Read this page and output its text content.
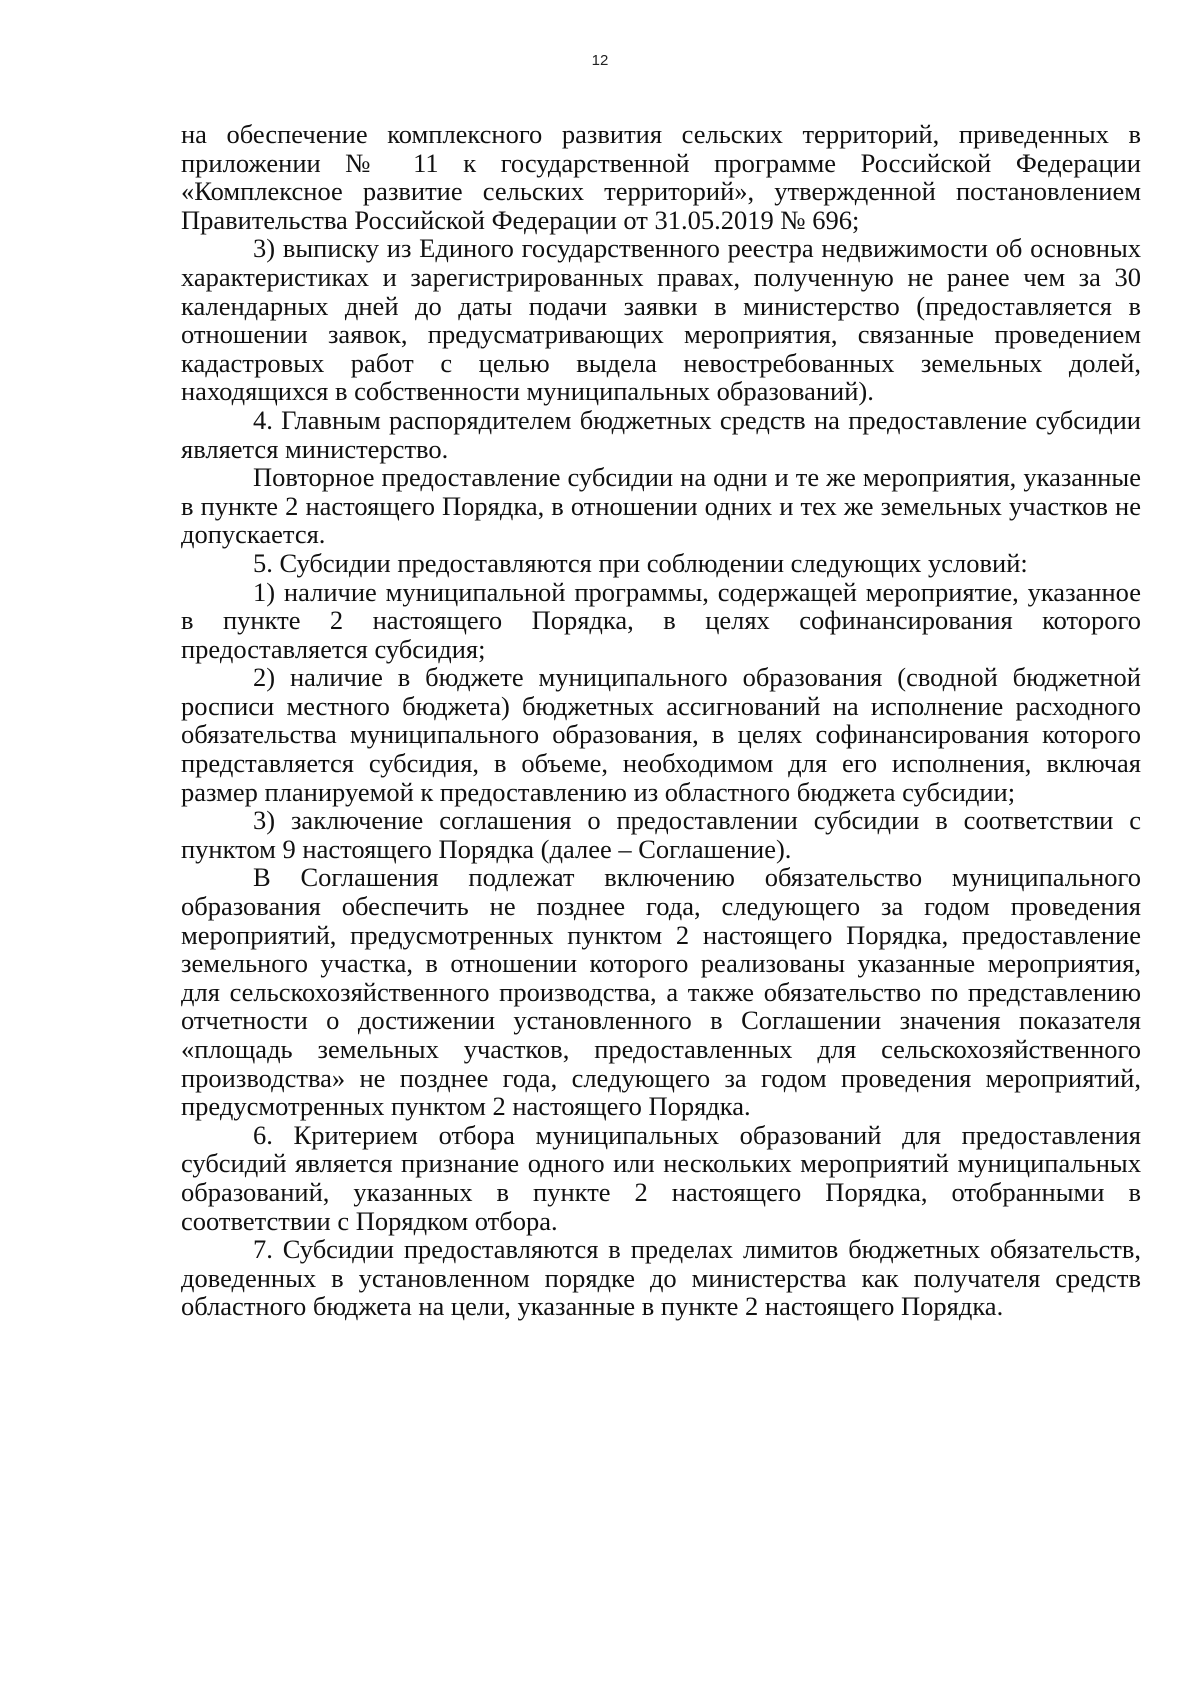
12

на обеспечение комплексного развития сельских территорий, приведенных в приложении № 11 к государственной программе Российской Федерации «Комплексное развитие сельских территорий», утвержденной постановлением Правительства Российской Федерации от 31.05.2019 № 696;

3) выписку из Единого государственного реестра недвижимости об основных характеристиках и зарегистрированных правах, полученную не ранее чем за 30 календарных дней до даты подачи заявки в министерство (предоставляется в отношении заявок, предусматривающих мероприятия, связанные проведением кадастровых работ с целью выдела невостребованных земельных долей, находящихся в собственности муниципальных образований).

4. Главным распорядителем бюджетных средств на предоставление субсидии является министерство.

Повторное предоставление субсидии на одни и те же мероприятия, указанные в пункте 2 настоящего Порядка, в отношении одних и тех же земельных участков не допускается.

5. Субсидии предоставляются при соблюдении следующих условий:

1) наличие муниципальной программы, содержащей мероприятие, указанное в пункте 2 настоящего Порядка, в целях софинансирования которого предоставляется субсидия;

2) наличие в бюджете муниципального образования (сводной бюджетной росписи местного бюджета) бюджетных ассигнований на исполнение расходного обязательства муниципального образования, в целях софинансирования которого представляется субсидия, в объеме, необходимом для его исполнения, включая размер планируемой к предоставлению из областного бюджета субсидии;

3) заключение соглашения о предоставлении субсидии в соответствии с пунктом 9 настоящего Порядка (далее – Соглашение).

В Соглашения подлежат включению обязательство муниципального образования обеспечить не позднее года, следующего за годом проведения мероприятий, предусмотренных пунктом 2 настоящего Порядка, предоставление земельного участка, в отношении которого реализованы указанные мероприятия, для сельскохозяйственного производства, а также обязательство по представлению отчетности о достижении установленного в Соглашении значения показателя «площадь земельных участков, предоставленных для сельскохозяйственного производства» не позднее года, следующего за годом проведения мероприятий, предусмотренных пунктом 2 настоящего Порядка.

6. Критерием отбора муниципальных образований для предоставления субсидий является признание одного или нескольких мероприятий муниципальных образований, указанных в пункте 2 настоящего Порядка, отобранными в соответствии с Порядком отбора.

7. Субсидии предоставляются в пределах лимитов бюджетных обязательств, доведенных в установленном порядке до министерства как получателя средств областного бюджета на цели, указанные в пункте 2 настоящего Порядка.
